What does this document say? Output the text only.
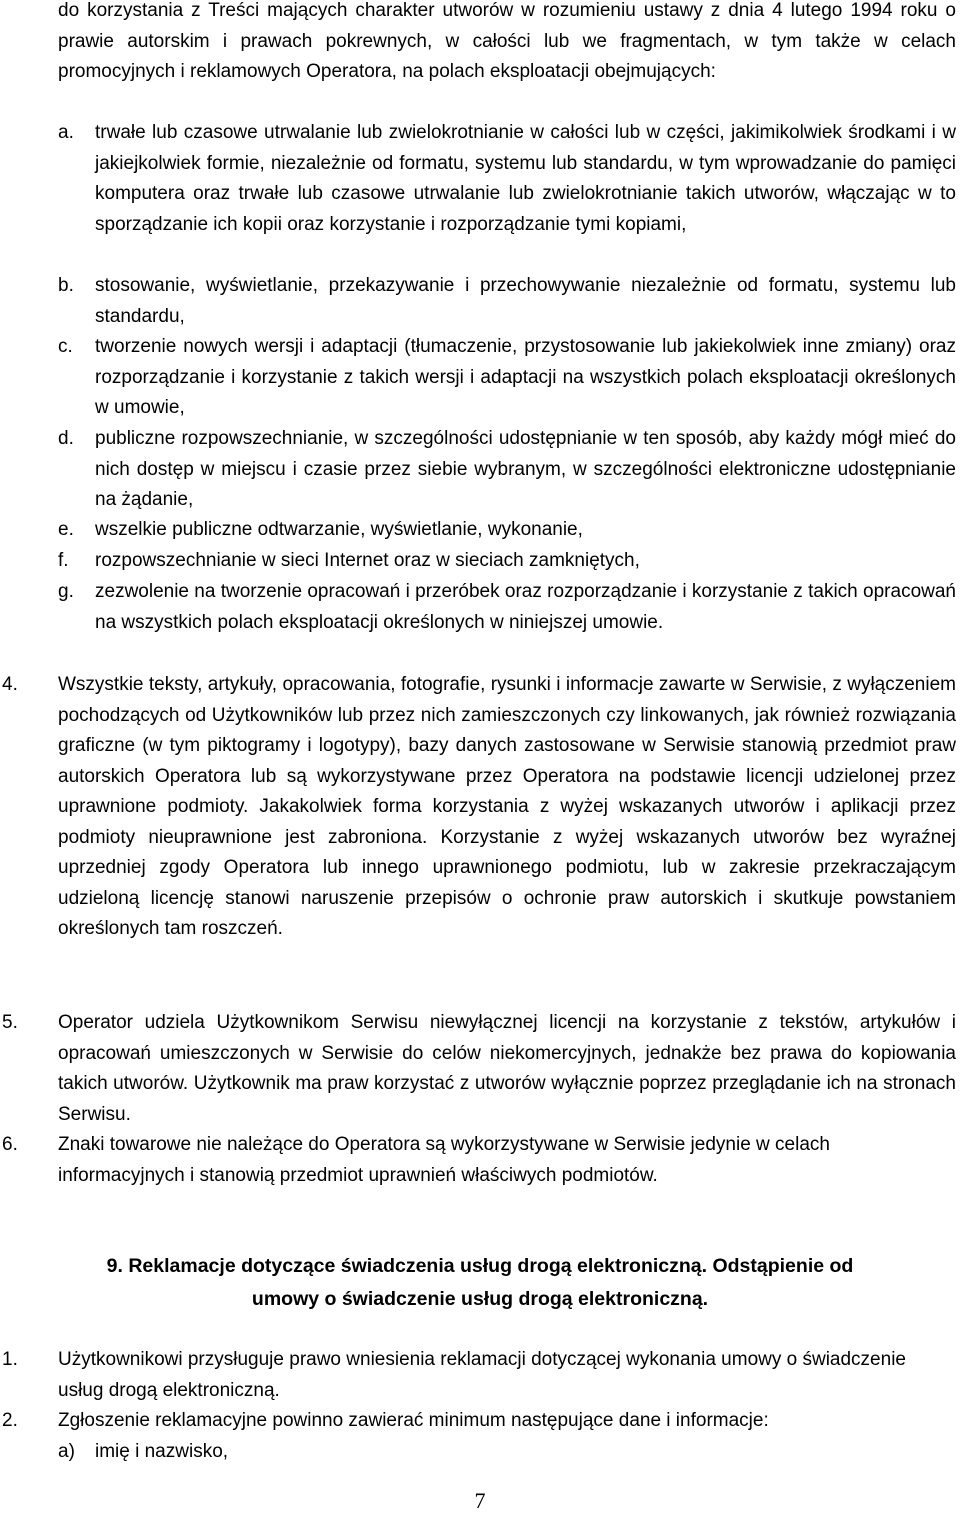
do korzystania z Treści mających charakter utworów w rozumieniu ustawy z dnia 4 lutego 1994 roku o prawie autorskim i prawach pokrewnych, w całości lub we fragmentach, w tym także w celach promocyjnych i reklamowych Operatora, na polach eksploatacji obejmujących:

a. trwałe lub czasowe utrwalanie lub zwielokrotnianie w całości lub w części, jakimikolwiek środkami i w jakiejkolwiek formie, niezależnie od formatu, systemu lub standardu, w tym wprowadzanie do pamięci komputera oraz trwałe lub czasowe utrwalanie lub zwielokrotnianie takich utworów, włączając w to sporządzanie ich kopii oraz korzystanie i rozporządzanie tymi kopiami,

b. stosowanie, wyświetlanie, przekazywanie i przechowywanie niezależnie od formatu, systemu lub standardu,

c. tworzenie nowych wersji i adaptacji (tłumaczenie, przystosowanie lub jakiekolwiek inne zmiany) oraz rozporządzanie i korzystanie z takich wersji i adaptacji na wszystkich polach eksploatacji określonych w umowie,

d. publiczne rozpowszechnianie, w szczególności udostępnianie w ten sposób, aby każdy mógł mieć do nich dostęp w miejscu i czasie przez siebie wybranym, w szczególności elektroniczne udostępnianie na żądanie,

e. wszelkie publiczne odtwarzanie, wyświetlanie, wykonanie,

f. rozpowszechnianie w sieci Internet oraz w sieciach zamkniętych,

g. zezwolenie na tworzenie opracowań i przeróbek oraz rozporządzanie i korzystanie z takich opracowań na wszystkich polach eksploatacji określonych w niniejszej umowie.

4. Wszystkie teksty, artykuły, opracowania, fotografie, rysunki i informacje zawarte w Serwisie, z wyłączeniem pochodzących od Użytkowników lub przez nich zamieszczonych czy linkowanych, jak również rozwiązania graficzne (w tym piktogramy i logotypy), bazy danych zastosowane w Serwisie stanowią przedmiot praw autorskich Operatora lub są wykorzystywane przez Operatora na podstawie licencji udzielonej przez uprawnione podmioty. Jakakolwiek forma korzystania z wyżej wskazanych utworów i aplikacji przez podmioty nieuprawnione jest zabroniona. Korzystanie z wyżej wskazanych utworów bez wyraźnej uprzedniej zgody Operatora lub innego uprawnionego podmiotu, lub w zakresie przekraczającym udzieloną licencję stanowi naruszenie przepisów o ochronie praw autorskich i skutkuje powstaniem określonych tam roszczeń.

5. Operator udziela Użytkownikom Serwisu niewyłącznej licencji na korzystanie z tekstów, artykułów i opracowań umieszczonych w Serwisie do celów niekomercyjnych, jednakże bez prawa do kopiowania takich utworów. Użytkownik ma praw korzystać z utworów wyłącznie poprzez przeglądanie ich na stronach Serwisu.

6. Znaki towarowe nie należące do Operatora są wykorzystywane w Serwisie jedynie w celach informacyjnych i stanowią przedmiot uprawnień właściwych podmiotów.

9. Reklamacje dotyczące świadczenia usług drogą elektroniczną. Odstąpienie od
umowy o świadczenie usług drogą elektroniczną.
1. Użytkownikowi przysługuje prawo wniesienia reklamacji dotyczącej wykonania umowy o świadczenie usług drogą elektroniczną.

2. Zgłoszenie reklamacyjne powinno zawierać minimum następujące dane i informacje:

a) imię i nazwisko,

7
